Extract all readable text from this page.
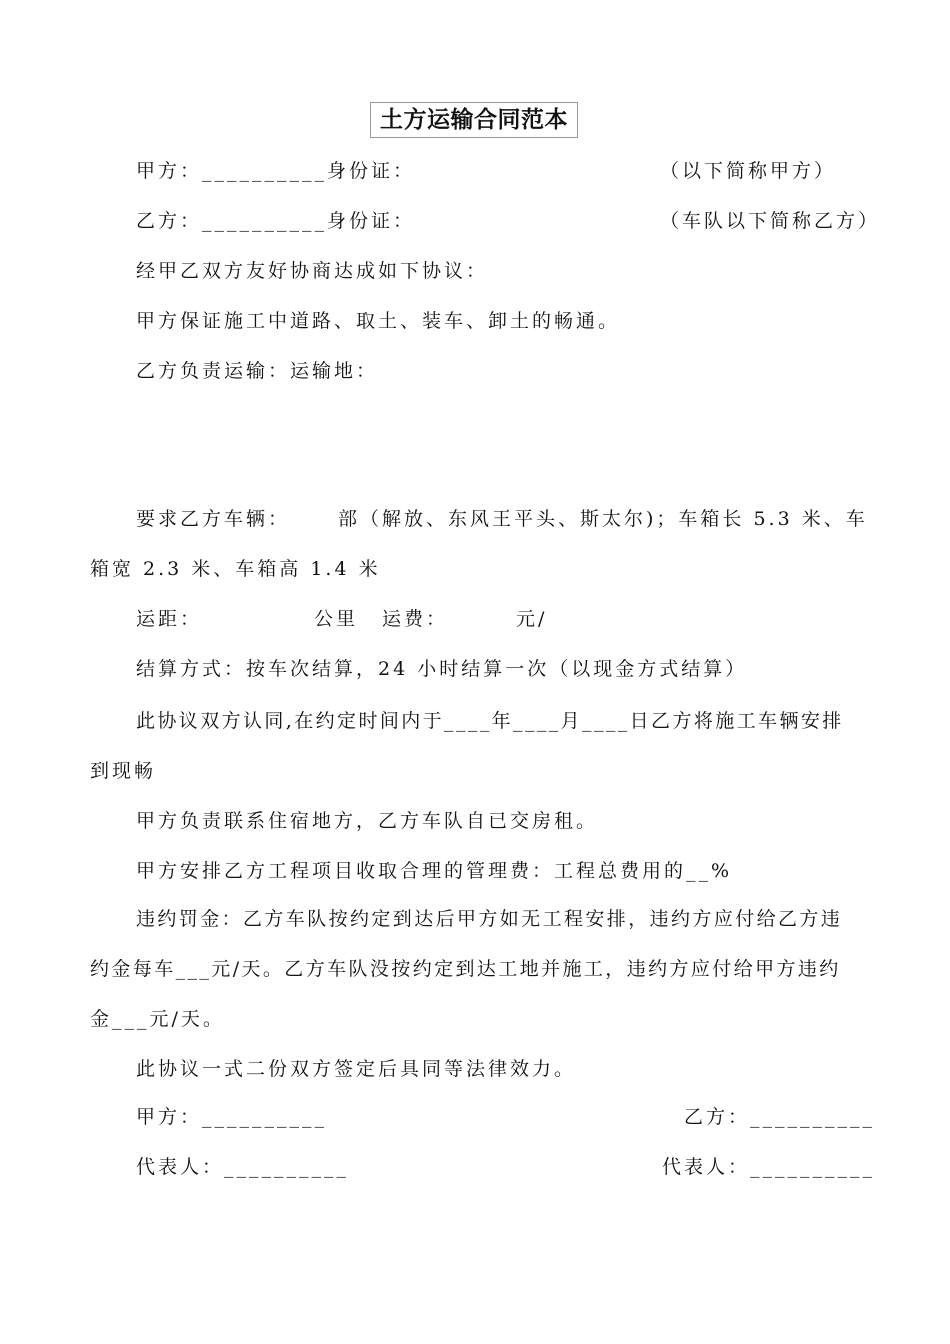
土方运输合同范本
甲方：__________身份证：	（以下简称甲方）
乙方：__________身份证：	（车队以下简称乙方）
经甲乙双方友好协商达成如下协议：
甲方保证施工中道路、取土、装车、卸土的畅通。
乙方负责运输：运输地：
要求乙方车辆：	部（解放、东风王平头、斯太尔)；车箱长 5.3 米、车
箱宽 2.3 米、车箱高 1.4 米
运距：	公里 运费：	元/
结算方式：按车次结算，24 小时结算一次（以现金方式结算）
此协议双方认同,在约定时间内于____年____月____日乙方将施工车辆安排
到现畅
甲方负责联系住宿地方，乙方车队自已交房租。
甲方安排乙方工程项目收取合理的管理费：工程总费用的__%
违约罚金：乙方车队按约定到达后甲方如无工程安排，违约方应付给乙方违
约金每车___元/天。乙方车队没按约定到达工地并施工，违约方应付给甲方违约
金___元/天。
此协议一式二份双方签定后具同等法律效力。
甲方：__________	乙方：__________
代表人：__________	代表人：__________
